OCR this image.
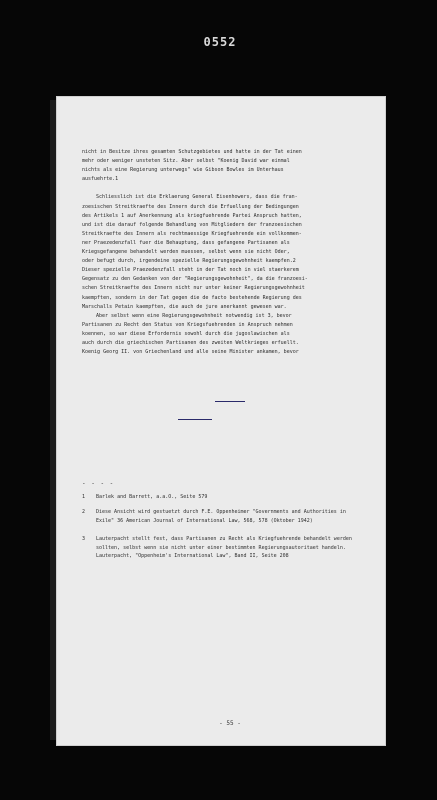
0552
nicht in Besitze ihres gesamten Schutzgebietes und hatte in der Tat einen
mehr oder weniger unsteten Sitz. Aber selbst "Koenig David war einmal
nichts als eine Regierung unterwegs" wie Gibson Bowles im Unterhaus
ausfuehrte.1
Schliesslich ist die Erklaerung General Eisenhowers, dass die fran-
zoesischen Streitkraefte des Innern durch die Erfuellung der Bedingungen
des Artikels 1 auf Anerkennung als kriegfuehrende Partei Anspruch hatten,
und ist die darauf folgende Behandlung von Mitgliedern der franzoesischen
Streitkraefte des Innern als rechtmaessige Kriegfuehrende ein vollkommen-
ner Praezedenzfall fuer die Behauptung, dass gefangene Partisanen als
Kriegsgefangene behandelt werden muessen, selbst wenn sie nicht Oder,
oder befugt durch, irgendeine spezielle Regierungsgewohnheit kaempfen.2
Dieser spezielle Praezedenzfall steht in der Tat noch in viel staerkerem
Gegensatz zu den Gedanken von der "Regierungsgewohnheit", da die franzoesi-
schen Streitkraefte des Innern nicht nur unter keiner Regierungsgewohnheit
kaempften, sondern in der Tat gegen die de facto bestehende Regierung des
Marschalls Petain kaempften, die auch de jure anerkannt gewesen war.
Aber selbst wenn eine Regierungsgewohnheit notwendig ist 3, bevor
Partisanen zu Recht den Status von Kriegsfuehrenden in Anspruch nehmen
koennen, so war diese Erfordernis sowohl durch die jugoslawischen als
auch durch die griechischen Partisanen des zweiten Weltkrieges erfuellt.
Koenig Georg II. von Griechenland und alle seine Minister ankamen, bevor
- - - -
1 Barlek and Barrett, a.a.O., Seite 579
2 Diese Ansicht wird gestuetzt durch F.E. Oppenheimer "Governments and Authorities in Exile" 36 American Journal of International Law, 568, 578 (Oktober 1942)
3 Lauterpacht stellt fest, dass Partisanen zu Recht als Kriegfuehrende behandelt werden sollten, selbst wenn sie nicht unter einer bestimmten Regierungsautoritaet handeln. Lauterpacht, "Oppenheim's International Law", Band II, Seite 208
- 55 -
